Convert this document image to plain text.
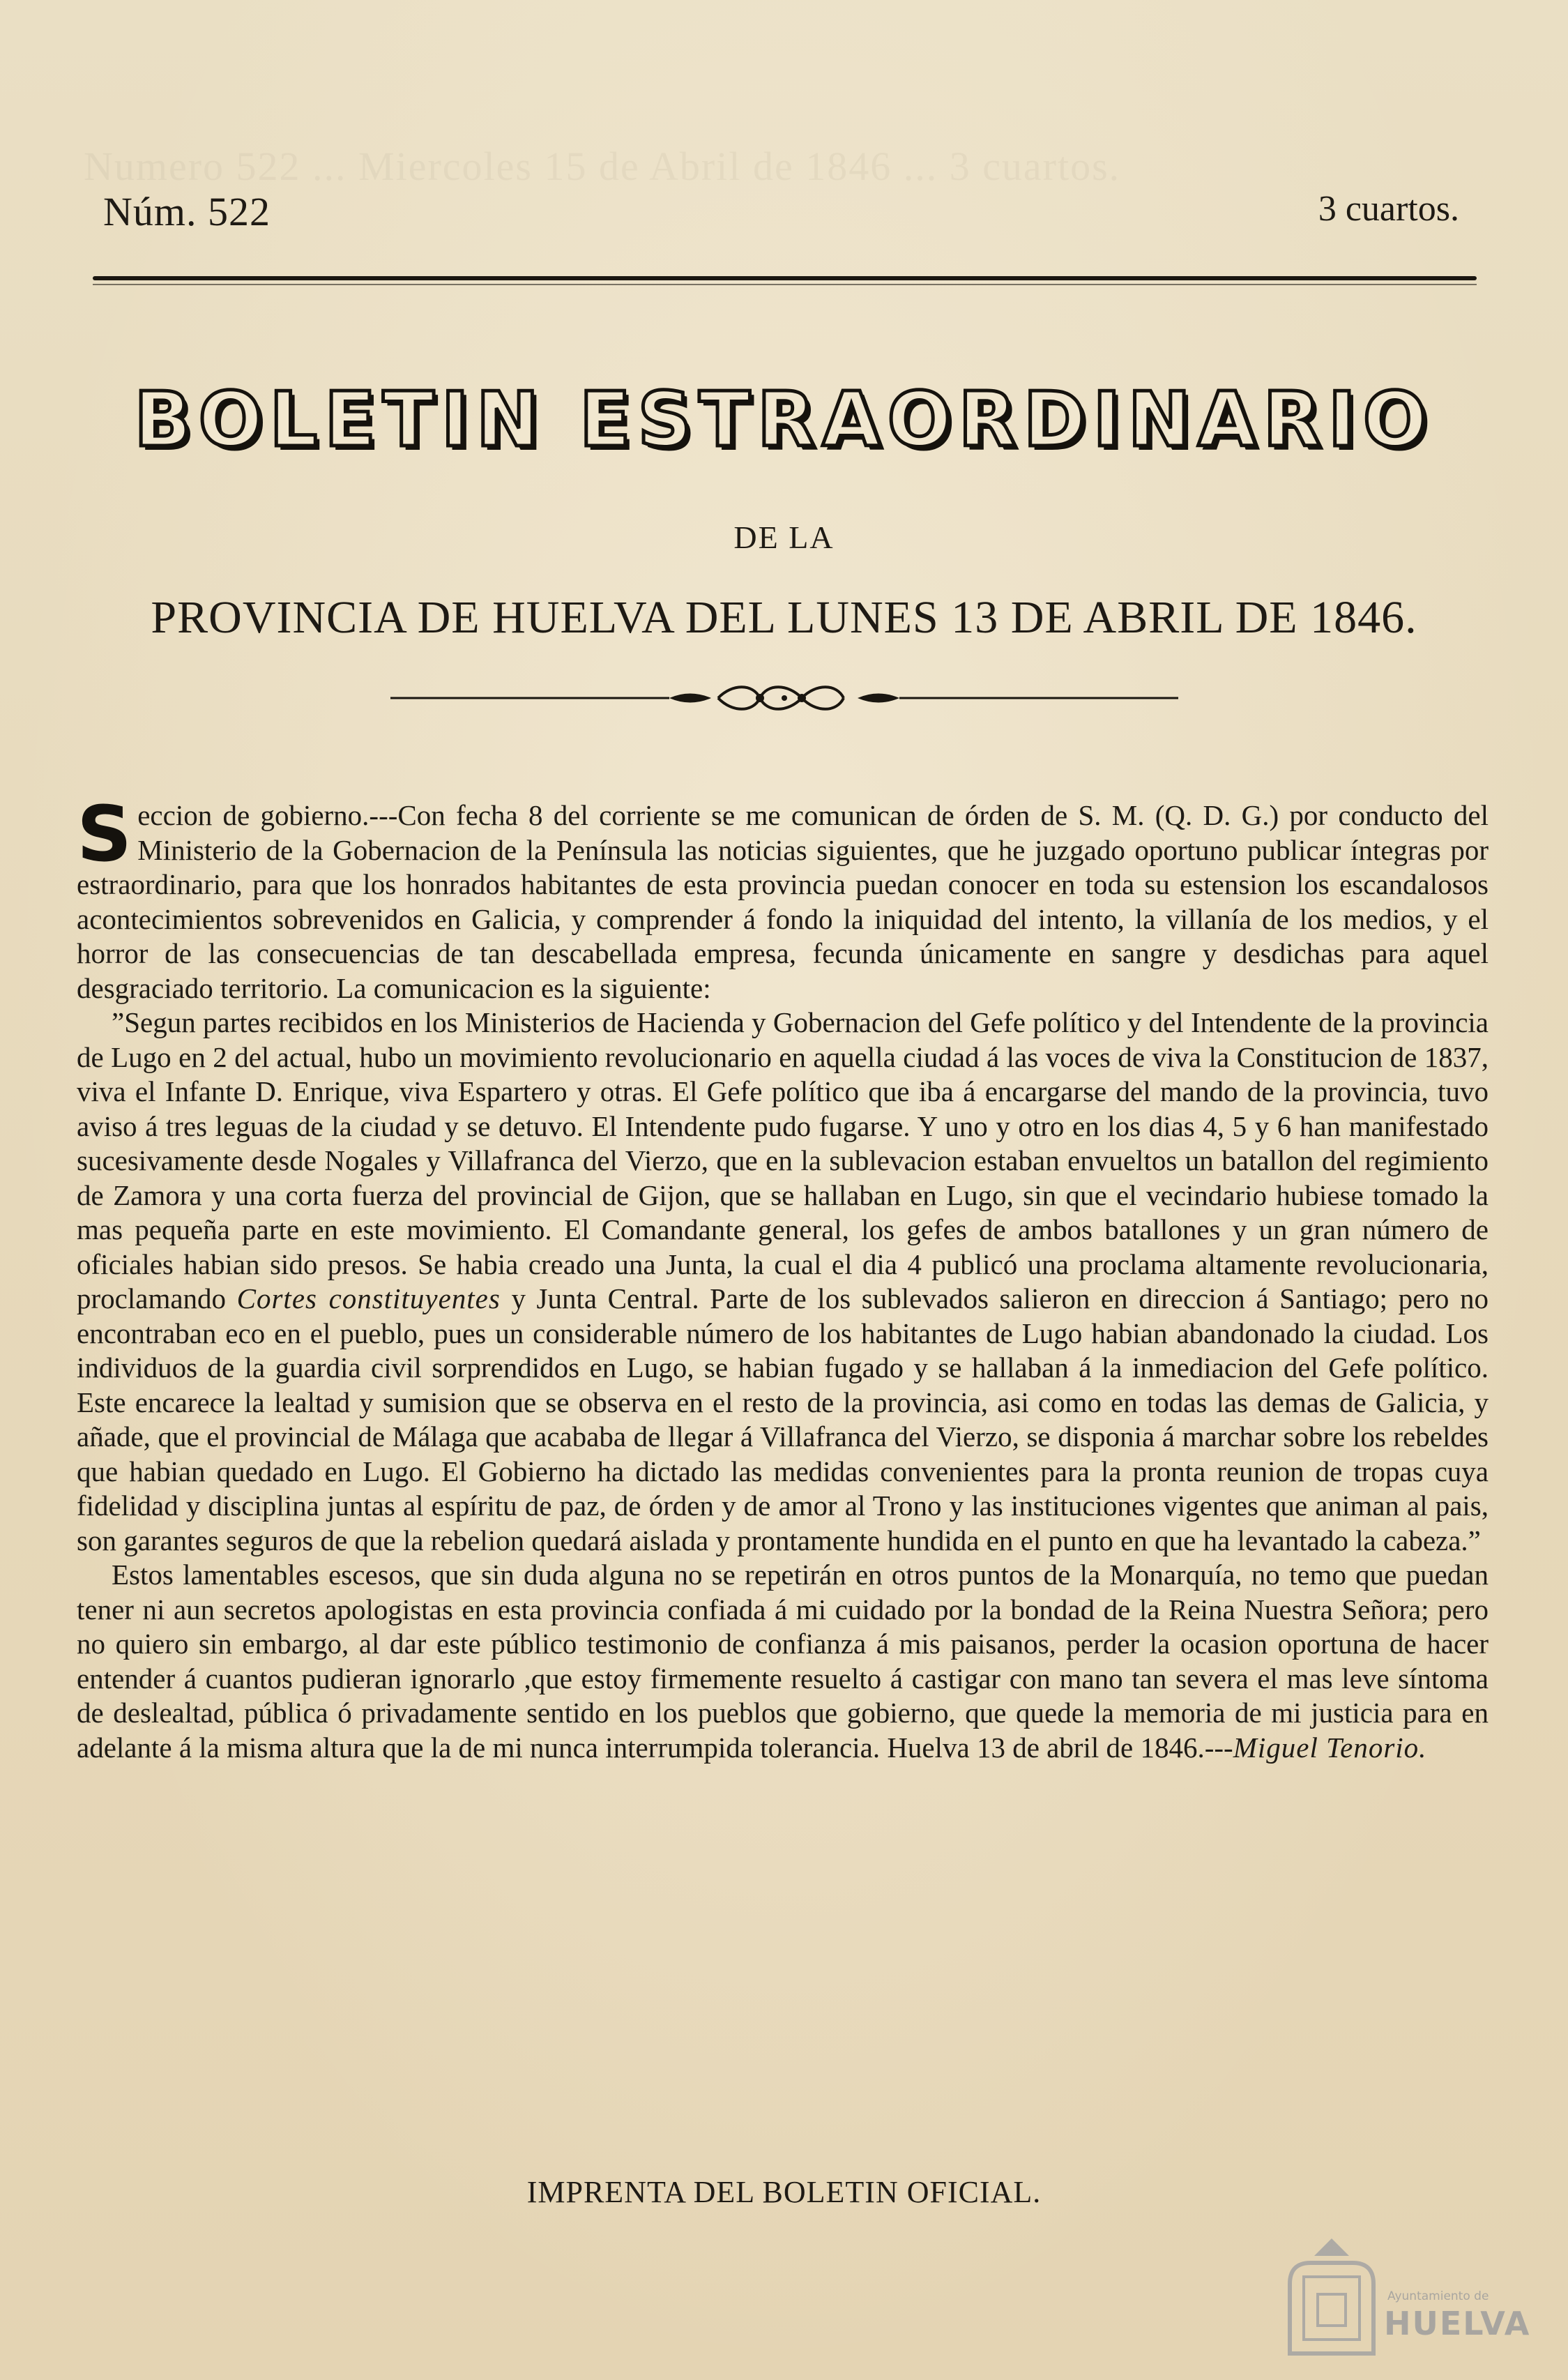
Numero 522 ... Miercoles 15 de Abril de 1846 ... 3 cuartos.
Núm. 522	3 cuartos.
BOLETIN ESTRAORDINARIO
DE LA
PROVINCIA DE HUELVA DEL LUNES 13 DE ABRIL DE 1846.

Seccion de gobierno.---Con fecha 8 del corriente se me comunican de órden de S. M. (Q. D. G.) por conducto del Ministerio de la Gobernacion de la Península las noticias siguientes, que he juzgado oportuno publicar íntegras por estraordinario, para que los honrados habitantes de esta provincia puedan conocer en toda su estension los escandalosos acontecimientos sobrevenidos en Galicia, y comprender á fondo la iniquidad del intento, la villanía de los medios, y el horror de las consecuencias de tan descabellada empresa, fecunda únicamente en sangre y desdichas para aquel desgraciado territorio. La comunicacion es la siguiente:

”Segun partes recibidos en los Ministerios de Hacienda y Gobernacion del Gefe político y del Intendente de la provincia de Lugo en 2 del actual, hubo un movimiento revolucionario en aquella ciudad á las voces de viva la Constitucion de 1837, viva el Infante D. Enrique, viva Espartero y otras. El Gefe político que iba á encargarse del mando de la provincia, tuvo aviso á tres leguas de la ciudad y se detuvo. El Intendente pudo fugarse. Y uno y otro en los dias 4, 5 y 6 han manifestado sucesivamente desde Nogales y Villafranca del Vierzo, que en la sublevacion estaban envueltos un batallon del regimiento de Zamora y una corta fuerza del provincial de Gijon, que se hallaban en Lugo, sin que el vecindario hubiese tomado la mas pequeña parte en este movimiento. El Comandante general, los gefes de ambos batallones y un gran número de oficiales habian sido presos. Se habia creado una Junta, la cual el dia 4 publicó una proclama altamente revolucionaria, proclamando Cortes constituyentes y Junta Central. Parte de los sublevados salieron en direccion á Santiago; pero no encontraban eco en el pueblo, pues un considerable número de los habitantes de Lugo habian abandonado la ciudad. Los individuos de la guardia civil sorprendidos en Lugo, se habian fugado y se hallaban á la inmediacion del Gefe político. Este encarece la lealtad y sumision que se observa en el resto de la provincia, asi como en todas las demas de Galicia, y añade, que el provincial de Málaga que acababa de llegar á Villafranca del Vierzo, se disponia á marchar sobre los rebeldes que habian quedado en Lugo. El Gobierno ha dictado las medidas convenientes para la pronta reunion de tropas cuya fidelidad y disciplina juntas al espíritu de paz, de órden y de amor al Trono y las instituciones vigentes que animan al pais, son garantes seguros de que la rebelion quedará aislada y prontamente hundida en el punto en que ha levantado la cabeza.”

Estos lamentables escesos, que sin duda alguna no se repetirán en otros puntos de la Monarquía, no temo que puedan tener ni aun secretos apologistas en esta provincia confiada á mi cuidado por la bondad de la Reina Nuestra Señora; pero no quiero sin embargo, al dar este público testimonio de confianza á mis paisanos, perder la ocasion oportuna de hacer entender á cuantos pudieran ignorarlo ,que estoy firmemente resuelto á castigar con mano tan severa el mas leve síntoma de deslealtad, pública ó privadamente sentido en los pueblos que gobierno, que quede la memoria de mi justicia para en adelante á la misma altura que la de mi nunca interrumpida tolerancia. Huelva 13 de abril de 1846.---Miguel Tenorio.

IMPRENTA DEL BOLETIN OFICIAL.
Ayuntamiento de
HUELVA
